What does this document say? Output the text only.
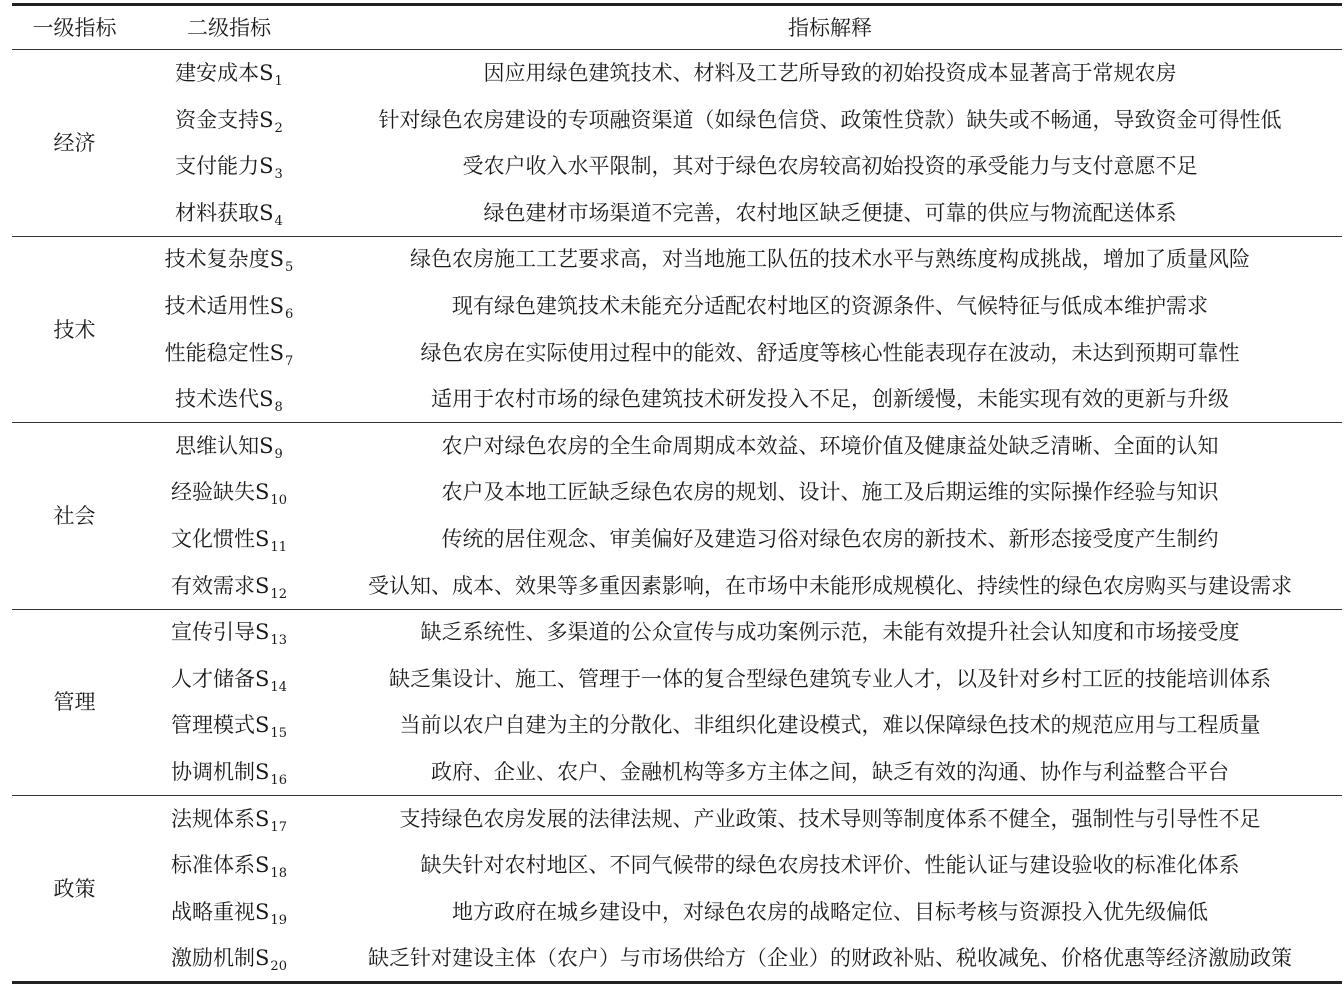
一级指标	二级指标	指标解释
经济
建安成本$S_1$	因应用绿色建筑技术、材料及工艺所导致的初始投资成本显著高于常规农房
资金支持$S_2$	针对绿色农房建设的专项融资渠道（如绿色信贷、政策性贷款）缺失或不畅通，导致资金可得性低
支付能力$S_3$	受农户收入水平限制，其对于绿色农房较高初始投资的承受能力与支付意愿不足
材料获取$S_4$	绿色建材市场渠道不完善，农村地区缺乏便捷、可靠的供应与物流配送体系
技术
技术复杂度$S_5$	绿色农房施工工艺要求高，对当地施工队伍的技术水平与熟练度构成挑战，增加了质量风险
技术适用性$S_6$	现有绿色建筑技术未能充分适配农村地区的资源条件、气候特征与低成本维护需求
性能稳定性$S_7$	绿色农房在实际使用过程中的能效、舒适度等核心性能表现存在波动，未达到预期可靠性
技术迭代$S_8$	适用于农村市场的绿色建筑技术研发投入不足，创新缓慢，未能实现有效的更新与升级
社会
思维认知$S_9$	农户对绿色农房的全生命周期成本效益、环境价值及健康益处缺乏清晰、全面的认知
经验缺失$S_{10}$	农户及本地工匠缺乏绿色农房的规划、设计、施工及后期运维的实际操作经验与知识
文化惯性$S_{11}$	传统的居住观念、审美偏好及建造习俗对绿色农房的新技术、新形态接受度产生制约
有效需求$S_{12}$	受认知、成本、效果等多重因素影响，在市场中未能形成规模化、持续性的绿色农房购买与建设需求
管理
宣传引导$S_{13}$	缺乏系统性、多渠道的公众宣传与成功案例示范，未能有效提升社会认知度和市场接受度
人才储备$S_{14}$	缺乏集设计、施工、管理于一体的复合型绿色建筑专业人才，以及针对乡村工匠的技能培训体系
管理模式$S_{15}$	当前以农户自建为主的分散化、非组织化建设模式，难以保障绿色技术的规范应用与工程质量
协调机制$S_{16}$	政府、企业、农户、金融机构等多方主体之间，缺乏有效的沟通、协作与利益整合平台
政策
法规体系$S_{17}$	支持绿色农房发展的法律法规、产业政策、技术导则等制度体系不健全，强制性与引导性不足
标准体系$S_{18}$	缺失针对农村地区、不同气候带的绿色农房技术评价、性能认证与建设验收的标准化体系
战略重视$S_{19}$	地方政府在城乡建设中，对绿色农房的战略定位、目标考核与资源投入优先级偏低
激励机制$S_{20}$	缺乏针对建设主体（农户）与市场供给方（企业）的财政补贴、税收减免、价格优惠等经济激励政策
